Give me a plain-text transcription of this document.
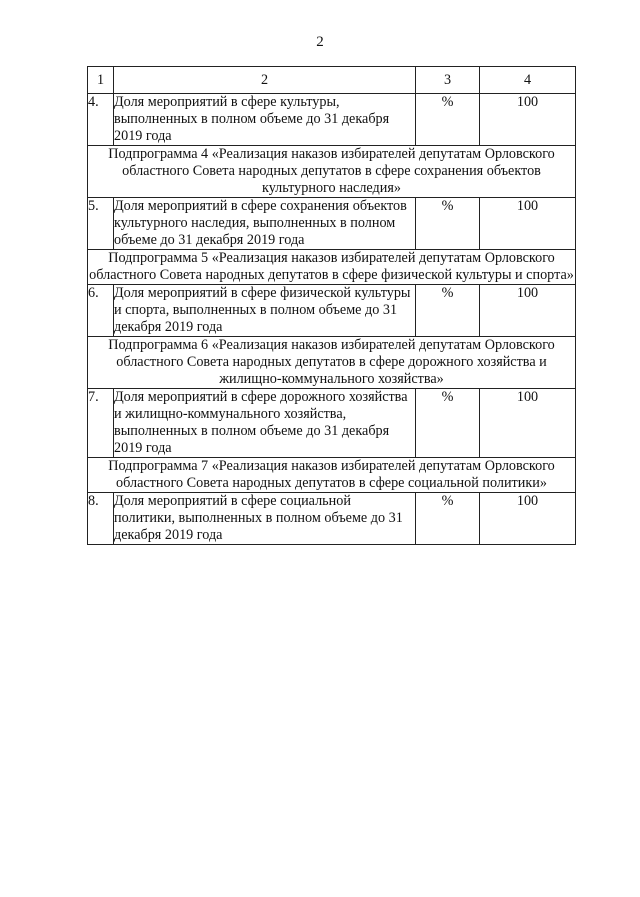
2
1	2	3	4
4.	Доля мероприятий в сфере культуры, выполненных в полном объеме до 31 декабря 2019 года	%	100
Подпрограмма 4 «Реализация наказов избирателей депутатам Орловского областного Совета народных депутатов в сфере сохранения объектов культурного наследия»			
5.	Доля мероприятий в сфере сохранения объектов культурного наследия, выполненных в полном объеме до 31 декабря 2019 года	%	100
Подпрограмма 5 «Реализация наказов избирателей депутатам Орловского областного Совета народных депутатов в сфере физической культуры и спорта»			
6.	Доля мероприятий в сфере физической культуры и спорта, выполненных в полном объеме до 31 декабря 2019 года	%	100
Подпрограмма 6 «Реализация наказов избирателей депутатам Орловского областного Совета народных депутатов в сфере дорожного хозяйства и жилищно-коммунального хозяйства»			
7.	Доля мероприятий в сфере дорожного хозяйства и жилищно-коммунального хозяйства, выполненных в полном объеме до 31 декабря 2019 года	%	100
Подпрограмма 7 «Реализация наказов избирателей депутатам Орловского областного Совета народных депутатов в сфере социальной политики»			
8.	Доля мероприятий в сфере социальной политики, выполненных в полном объеме до 31 декабря 2019 года	%	100
